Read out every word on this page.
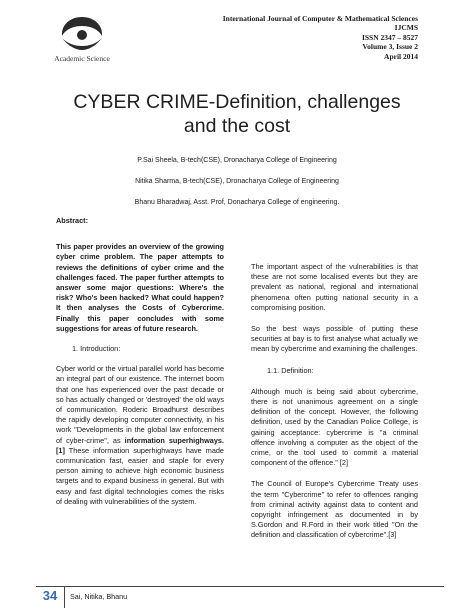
Academic Science
International Journal of Computer & Mathematical Sciences
IJCMS
ISSN 2347 – 8527
Volume 3, Issue 2
April 2014
CYBER CRIME-Definition, challenges
and the cost
P.Sai Sheela, B-tech(CSE), Dronacharya College of Engineering
Nitika Sharma, B-tech(CSE), Dronacharya College of Engineering
Bhanu Bharadwaj, Asst. Prof, Donacharya College of engineering.
Abstract:

This paper provides an overview of the growing cyber crime problem. The paper attempts to reviews the definitions of cyber crime and the challenges faced. The paper further attempts to answer some major questions: Where's the risk? Who's been hacked? What could happen? It then analyses the Costs of Cybercrime. Finally this paper concludes with some suggestions for areas of future research.

1. Introduction:

Cyber world or the virtual parallel world has become an integral part of our existence. The internet boom that one has experienced over the past decade or so has actually changed or 'destroyed' the old ways of communication. Roderic Broadhurst describes the rapidly developing computer connectivity, in his work "Developments in the global law enforcement of cyber-crime", as information superhighways.[1] These information superhighways have made communication fast, easier and staple for every person aiming to achieve high economic business targets and to expand business in general. But with easy and fast digital technologies comes the risks of dealing with vulnerabilities of the system.

The important aspect of the vulnerabilities is that these are not some localised events but they are prevalent as national, regional and international phenomena often putting national security in a compromising position.

So the best ways possible of putting these securities at bay is to first analyse what actually we mean by cybercrime and examining the challenges.

1.1. Definition:

Although much is being said about cybercrime, there is not unanimous agreement on a single definition of the concept. However, the following definition, used by the Canadian Police College, is gaining acceptance: cybercrime is "a criminal offence involving a computer as the object of the crime, or the tool used to commit a material component of the offence." [2]

The Council of Europe's Cybercrime Treaty uses the term "Cybercrime" to refer to offences ranging from criminal activity against data to content and copyright infringement as documented in by S.Gordon and R.Ford in their work titled "On the definition and classification of cybercrime".[3]

34	Sai, Nitika, Bhanu
